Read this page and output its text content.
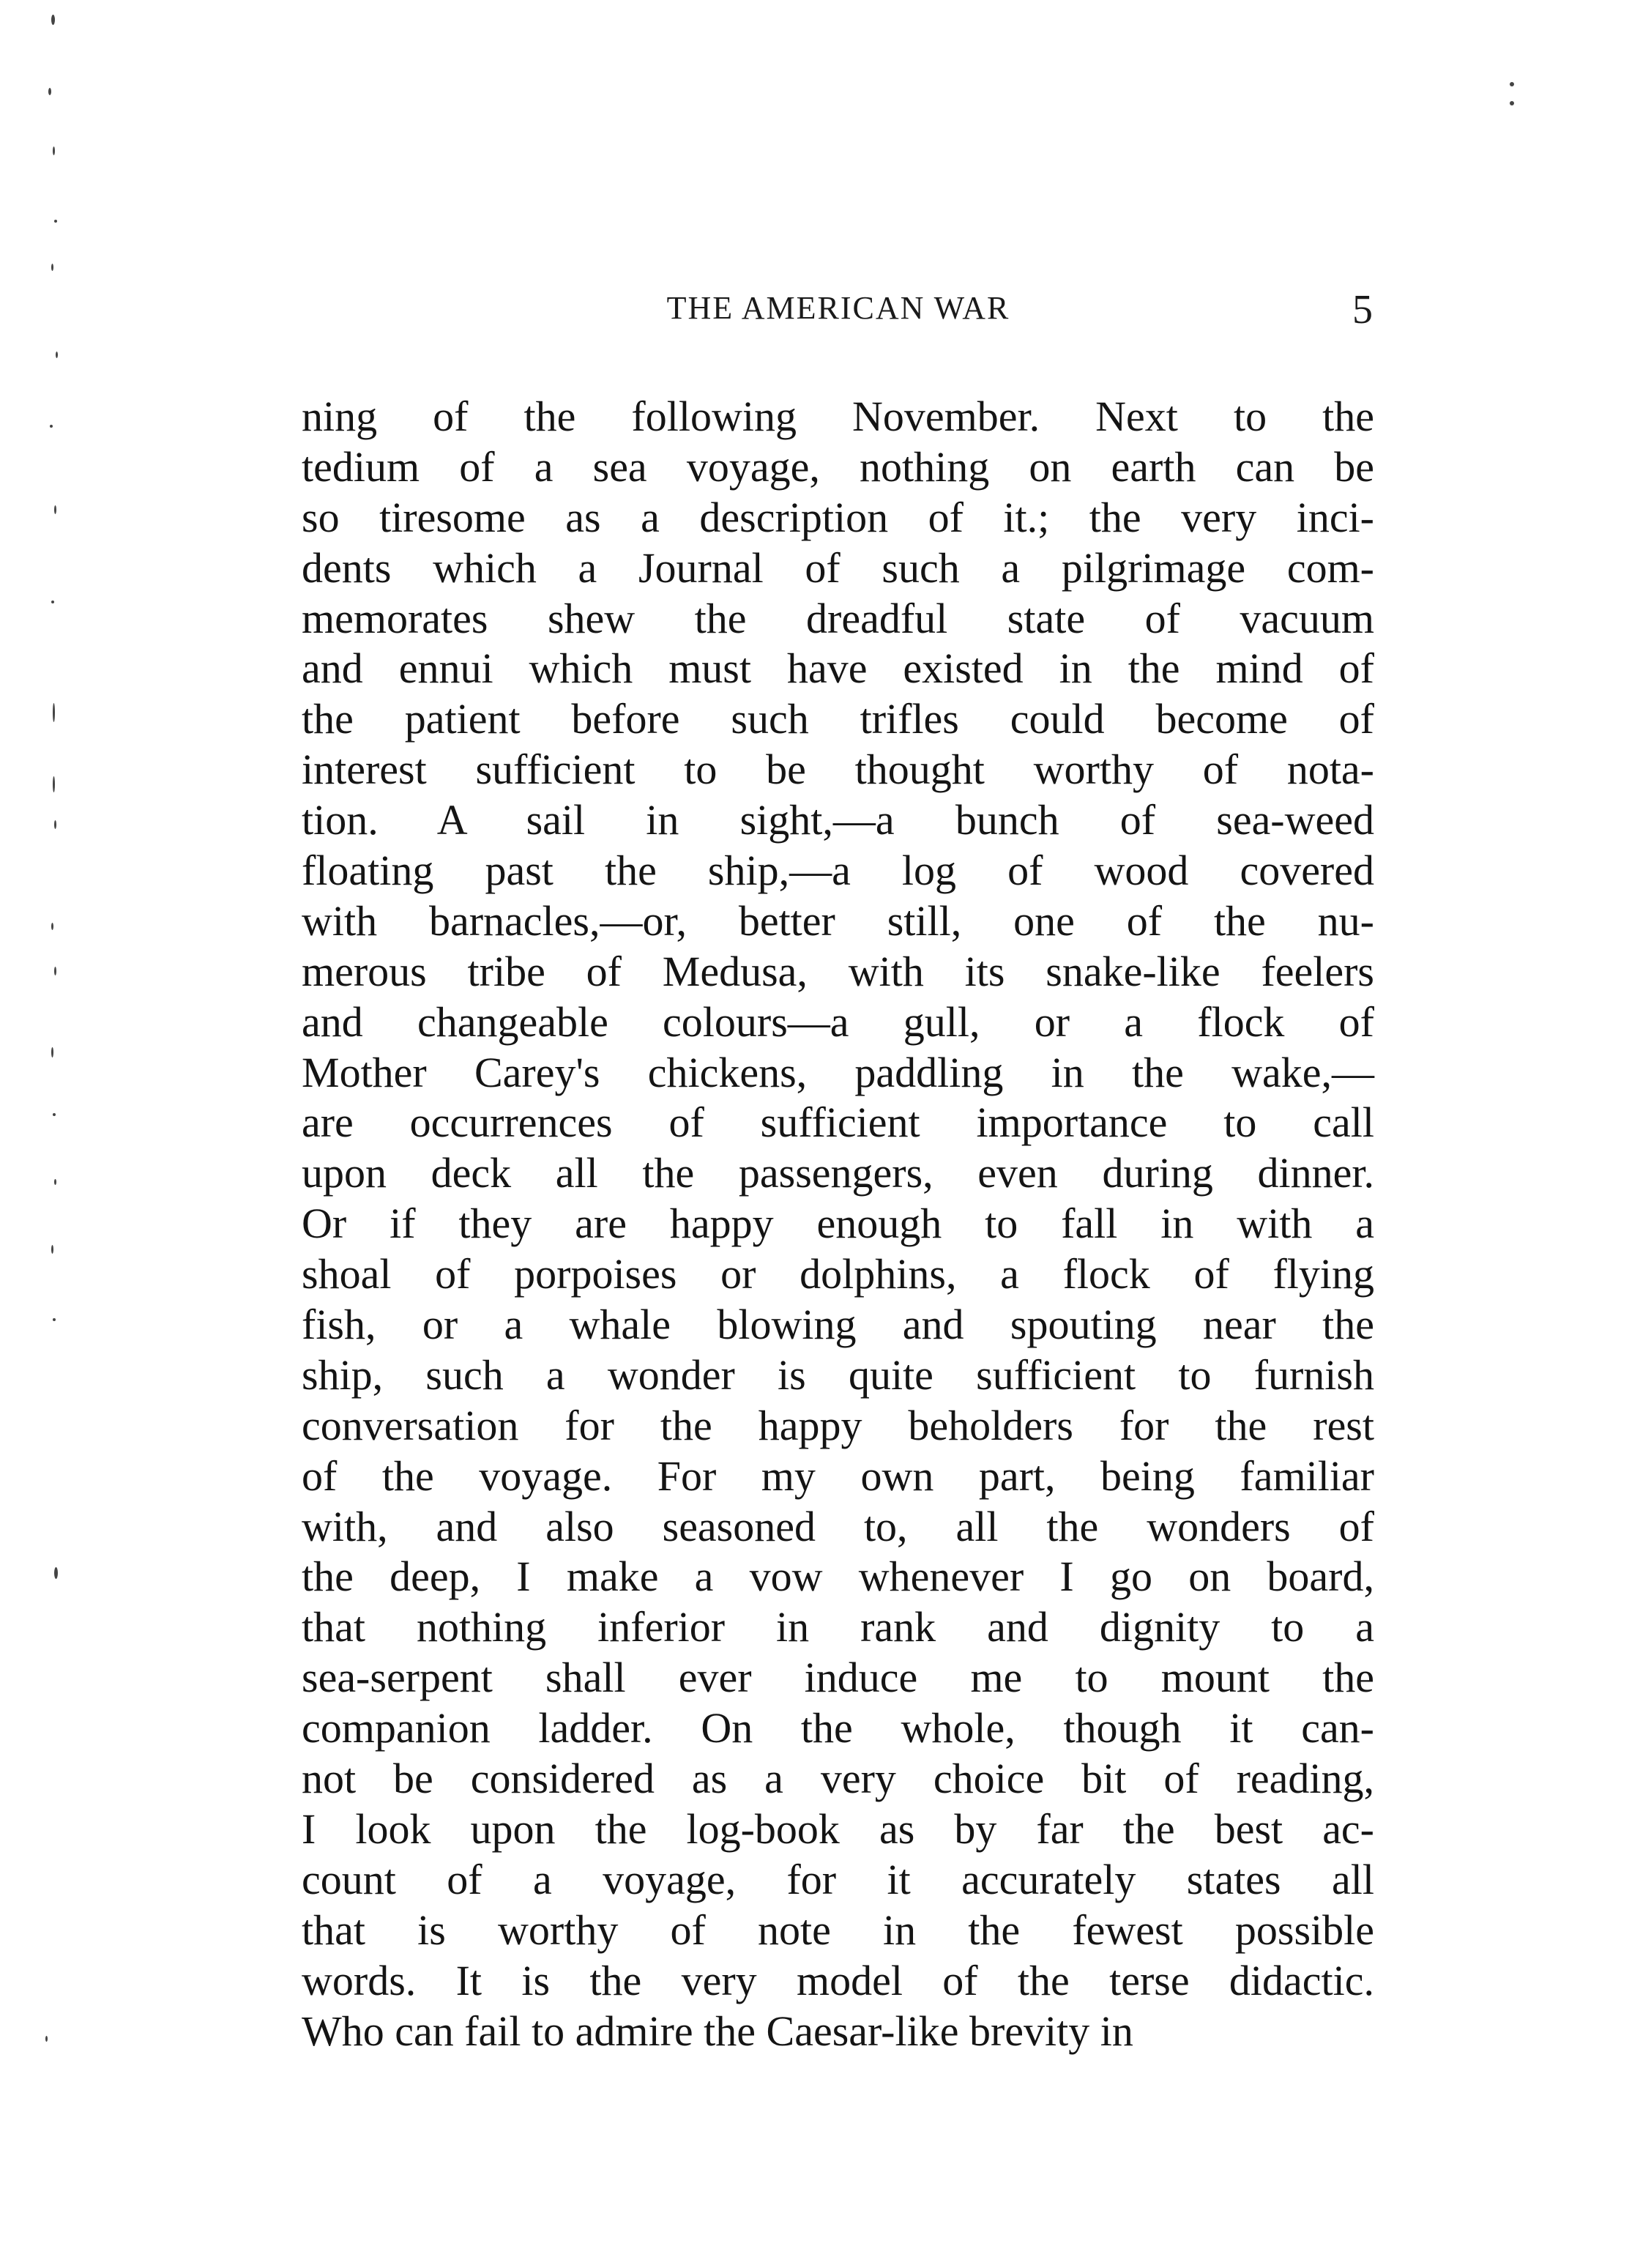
THE AMERICAN WAR	5
ning of the following November. Next to the
tedium of a sea voyage, nothing on earth can be
so tiresome as a description of it.; the very inci-
dents which a Journal of such a pilgrimage com-
memorates shew the dreadful state of vacuum
and ennui which must have existed in the mind of
the patient before such trifles could become of
interest sufficient to be thought worthy of nota-
tion. A sail in sight,—a bunch of sea-weed
floating past the ship,—a log of wood covered
with barnacles,—or, better still, one of the nu-
merous tribe of Medusa, with its snake-like feelers
and changeable colours—a gull, or a flock of
Mother Carey's chickens, paddling in the wake,—
are occurrences of sufficient importance to call
upon deck all the passengers, even during dinner.
Or if they are happy enough to fall in with a
shoal of porpoises or dolphins, a flock of flying
fish, or a whale blowing and spouting near the
ship, such a wonder is quite sufficient to furnish
conversation for the happy beholders for the rest
of the voyage. For my own part, being familiar
with, and also seasoned to, all the wonders of
the deep, I make a vow whenever I go on board,
that nothing inferior in rank and dignity to a
sea-serpent shall ever induce me to mount the
companion ladder. On the whole, though it can-
not be considered as a very choice bit of reading,
I look upon the log-book as by far the best ac-
count of a voyage, for it accurately states all
that is worthy of note in the fewest possible
words. It is the very model of the terse didactic.
Who can fail to admire the Caesar-like brevity in
